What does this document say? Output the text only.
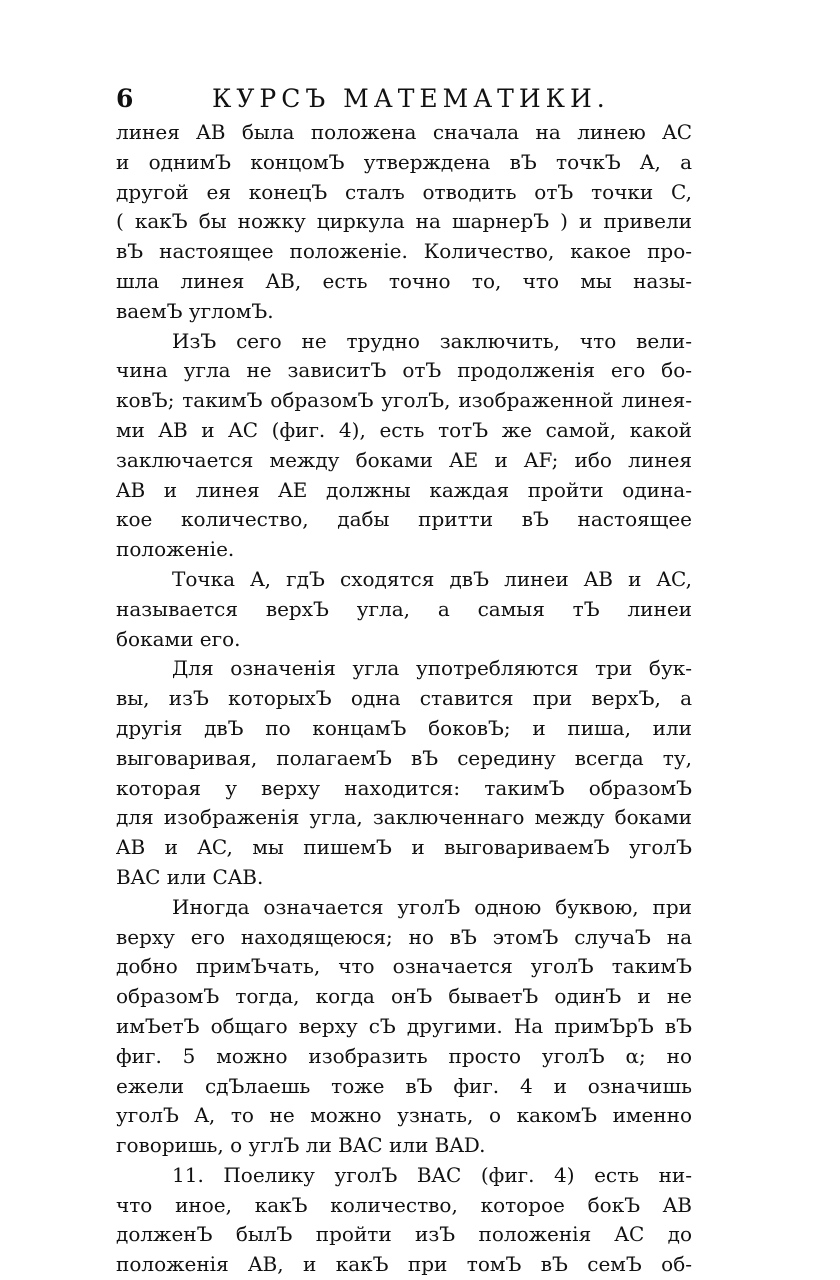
6	КУРСЪ МАТЕМАТИКИ.
линея AB была положена сначала на линею AC
и однимЪ концомЪ утверждена вЪ точкЪ A, а
другой ея конецЪ сталъ отводить отЪ точки C,
( какЪ бы ножку циркула на шарнерЪ ) и привели
вЪ настоящее положеніе. Количество, какое про-
шла линея AB, есть точно то, что мы назы-
ваемЪ угломЪ.
ИзЪ сего не трудно заключить, что вели-
чина угла не зависитЪ отЪ продолженія его бо-
ковЪ; такимЪ образомЪ уголЪ, изображенной линея-
ми AB и AC (фиг. 4), есть тотЪ же самой, какой
заключается между боками AE и AF; ибо линея
AB и линея AE должны каждая пройти одина-
кое количество, дабы притти вЪ настоящее
положеніе.
Точка A, гдЪ сходятся двЪ линеи AB и AC,
называется верхЪ угла, а самыя тЪ линеи
боками его.
Для означенія угла употребляются три бук-
вы, изЪ которыхЪ одна ставится при верхЪ, а
другія двЪ по концамЪ боковЪ; и пиша, или
выговаривая, полагаемЪ вЪ середину всегда ту,
которая у верху находится: такимЪ образомЪ
для изображенія угла, заключеннаго между боками
AB и AC, мы пишемЪ и выговариваемЪ уголЪ
BAC или CAB.
Иногда означается уголЪ одною буквою, при
верху его находящеюся; но вЪ этомЪ случаЪ на
добно примЪчать, что означается уголЪ такимЪ
образомЪ тогда, когда онЪ бываетЪ одинЪ и не
имЪетЪ общаго верху сЪ другими. На примЪрЪ вЪ
фиг. 5 можно изобразить просто уголЪ α; но
ежели сдЪлаешь тоже вЪ фиг. 4 и означишь
уголЪ A, то не можно узнать, о какомЪ именно
говоришь, о углЪ ли BAC или BAD.
11. Поелику уголЪ BAC (фиг. 4) есть ни-
что иное, какЪ количество, которое бокЪ AB
долженЪ былЪ пройти изЪ положенія AC до
положенія AB, и какЪ при томЪ вЪ семЪ об-
